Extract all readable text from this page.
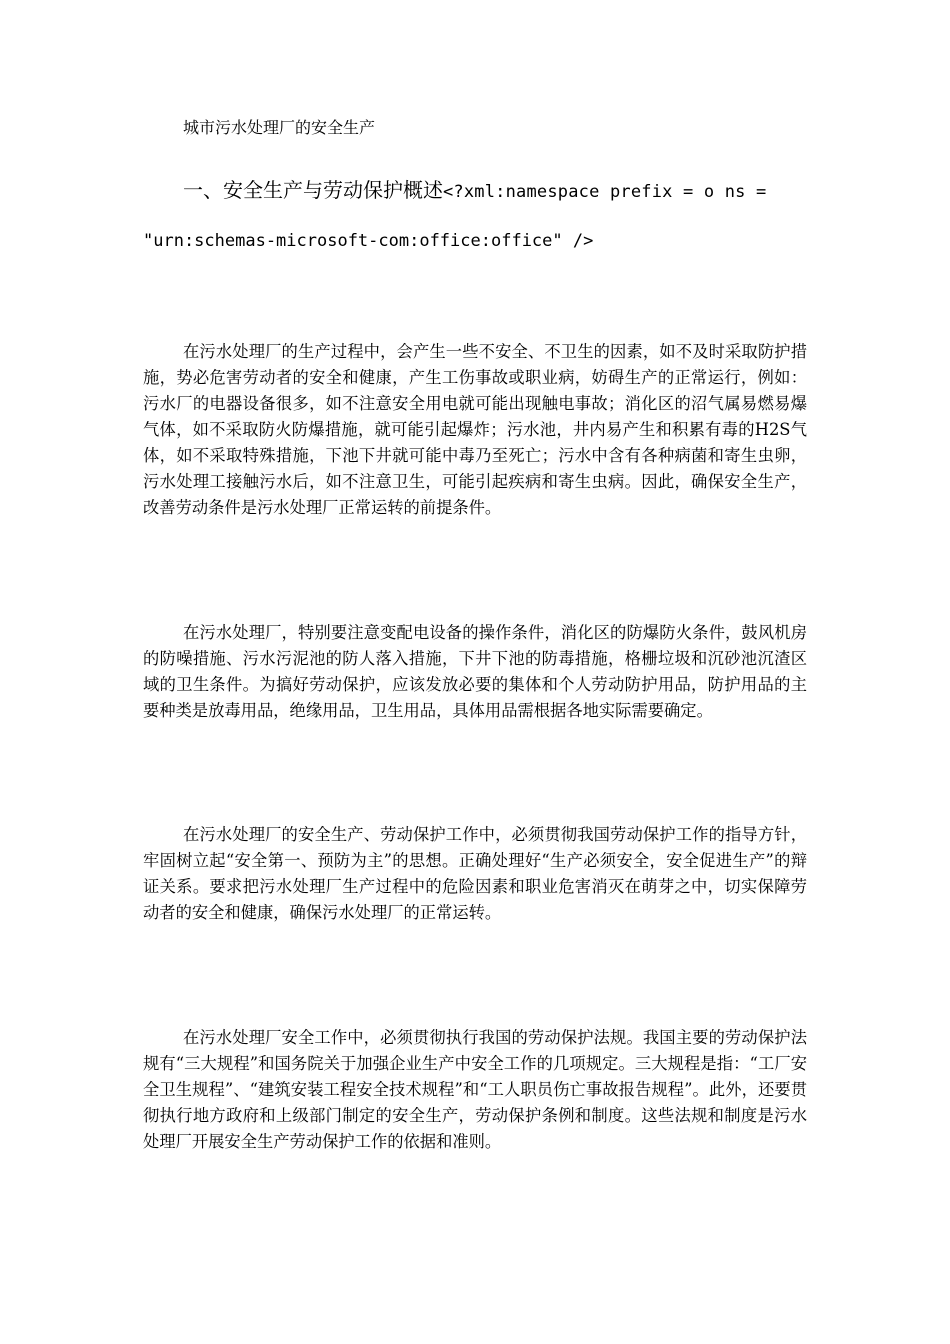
城市污水处理厂的安全生产
一、安全生产与劳动保护概述<?xml:namespace prefix = o ns =
"urn:schemas-microsoft-com:office:office" />

在污水处理厂的生产过程中，会产生一些不安全、不卫生的因素，如不及时采取防护措施，势必危害劳动者的安全和健康，产生工伤事故或职业病，妨碍生产的正常运行，例如：污水厂的电器设备很多，如不注意安全用电就可能出现触电事故；消化区的沼气属易燃易爆气体，如不采取防火防爆措施，就可能引起爆炸；污水池，井内易产生和积累有毒的H2S气体，如不采取特殊措施，下池下井就可能中毒乃至死亡；污水中含有各种病菌和寄生虫卵，污水处理工接触污水后，如不注意卫生，可能引起疾病和寄生虫病。因此，确保安全生产，改善劳动条件是污水处理厂正常运转的前提条件。

在污水处理厂，特别要注意变配电设备的操作条件，消化区的防爆防火条件，鼓风机房的防噪措施、污水污泥池的防人落入措施，下井下池的防毒措施，格栅垃圾和沉砂池沉渣区域的卫生条件。为搞好劳动保护，应该发放必要的集体和个人劳动防护用品，防护用品的主要种类是放毒用品，绝缘用品，卫生用品，具体用品需根据各地实际需要确定。

在污水处理厂的安全生产、劳动保护工作中，必须贯彻我国劳动保护工作的指导方针，牢固树立起“安全第一、预防为主”的思想。正确处理好“生产必须安全，安全促进生产”的辩证关系。要求把污水处理厂生产过程中的危险因素和职业危害消灭在萌芽之中，切实保障劳动者的安全和健康，确保污水处理厂的正常运转。

在污水处理厂安全工作中，必须贯彻执行我国的劳动保护法规。我国主要的劳动保护法规有“三大规程”和国务院关于加强企业生产中安全工作的几项规定。三大规程是指：“工厂安全卫生规程”、“建筑安装工程安全技术规程”和“工人职员伤亡事故报告规程”。此外，还要贯彻执行地方政府和上级部门制定的安全生产，劳动保护条例和制度。这些法规和制度是污水处理厂开展安全生产劳动保护工作的依据和准则。
